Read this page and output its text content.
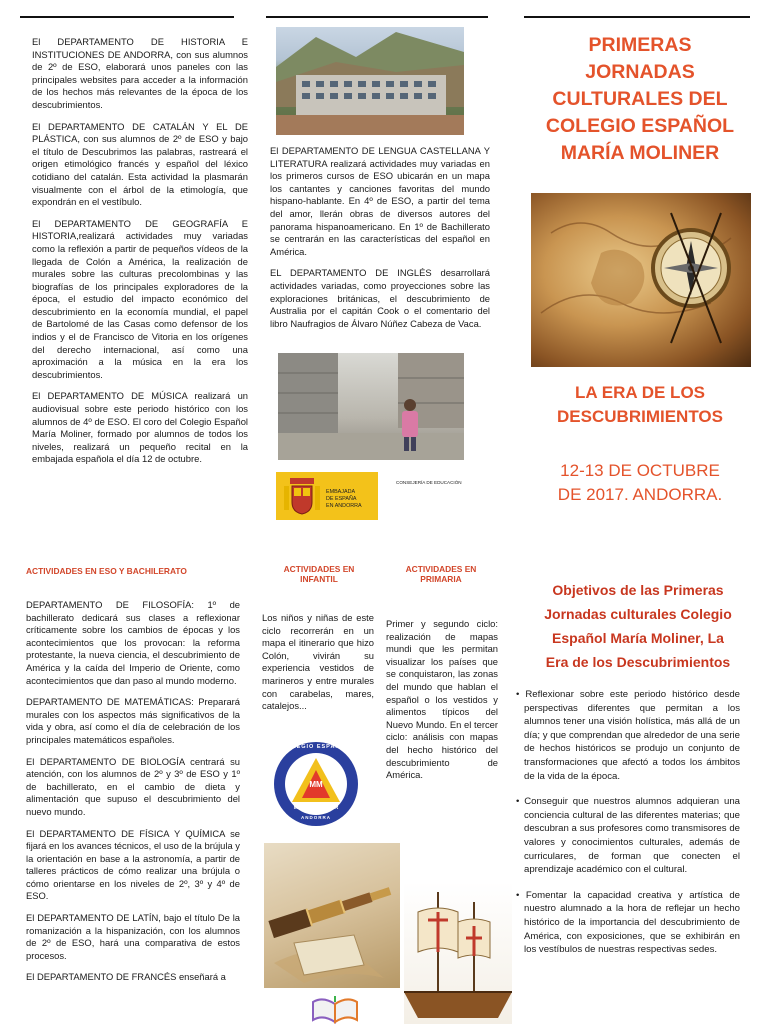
El DEPARTAMENTO DE HISTORIA E INSTITUCIONES DE ANDORRA, con sus alumnos de 2º de ESO, elaborará unos paneles con las principales websites para acceder a la información de los hechos más relevantes de la época de los descubrimientos.

El DEPARTAMENTO DE CATALÁN Y EL DE PLÁSTICA, con sus alumnos de 2º de ESO y bajo el título de Descubrimos las palabras, rastreará el origen etimológico francés y español del léxico cotidiano del catalán. Esta actividad la plasmarán visualmente con el árbol de la etimología, que expondrán en el vestíbulo.

El DEPARTAMENTO DE GEOGRAFÍA E HISTORIA,realizará actividades muy variadas como la reflexión a partir de pequeños vídeos de la llegada de Colón a América, la realización de murales sobre las culturas precolombinas y las biografías de los principales exploradores de la época, el estudio del impacto económico del descubrimiento en la economía mundial, el papel de Bartolomé de las Casas como defensor de los indios y el de Francisco de Vitoria en los orígenes del derecho internacional, así como una aproximación a la música en la era los descubrimientos.

El DEPARTAMENTO DE MÚSICA realizará un audiovisual sobre este periodo histórico con los alumnos de 4º de ESO. El coro del Colegio Español María Moliner, formado por alumnos de todos los niveles, realizará un pequeño recital en la embajada española el día 12 de octubre.

El DEPARTAMENTO DE LENGUA CASTELLANA Y LITERATURA realizará actividades muy variadas en los primeros cursos de ESO ubicarán en un mapa los cantantes y canciones favoritas del mundo hispano-hablante. En 4º de ESO, a partir del tema del amor, llerán obras de diversos autores del panorama hispanoamericano. En 1º de Bachillerato se centrarán en las características del español en América.

EL DEPARTAMENTO DE INGLÉS desarrollará actividades variadas, como proyecciones sobre las exploraciones británicas, el descubrimiento de Australia por el capitán Cook o el comentario del libro Naufragios de Álvaro Núñez Cabeza de Vaca.

EMBAJADA
DE ESPAÑA
EN ANDORRA
CONSEJERÍA DE EDUCACIÓN
PRIMERAS
JORNADAS
CULTURALES DEL
COLEGIO ESPAÑOL
MARÍA MOLINER
LA ERA DE LOS
DESCUBRIMIENTOS
12-13 DE OCTUBRE
DE 2017. ANDORRA.
ACTIVIDADES EN ESO Y BACHILERATO

DEPARTAMENTO DE FILOSOFÍA: 1º de bachillerato dedicará sus clases a reflexionar críticamente sobre los cambios de épocas y los acontecimientos que los provocan: la reforma protestante, la nueva ciencia, el descubrimiento de América y la caída del Imperio de Oriente, como acontecimientos que dan paso al mundo moderno.

DEPARTAMENTO DE MATEMÁTICAS: Preparará murales con los aspectos más significativos de la vida y obra, así como el día de celebración de los principales matemáticos españoles.

El DEPARTAMENTO DE BIOLOGÍA centrará su atención, con los alumnos de 2º y 3º de ESO y 1º de bachillerato, en el cambio de dieta y alimentación que supuso el descubrimiento del nuevo mundo.

El DEPARTAMENTO DE FÍSICA Y QUÍMICA se fijará en los avances técnicos, el uso de la brújula y la orientación en base a la astronomía, a partir de talleres prácticos de cómo realizar una brújula o cómo orientarse en los niveles de 2º, 3º y 4º de ESO.

El DEPARTAMENTO DE LATÍN, bajo el título De la romanización a la hispanización, con los alumnos de 2º de ESO, hará una comparativa de estos procesos.

El DEPARTAMENTO DE FRANCÉS enseñará a

ACTIVIDADES EN
INFANTIL

Los niños y niñas de este ciclo recorrerán en un mapa el itinerario que hizo Colón, vivirán su experiencia vestidos de marineros y entre murales con carabelas, mares, catalejos...

COLEGIO ESPAÑOL
MM
MARÍA MOLINER
ANDORRA
ACTIVIDADES EN
PRIMARIA

Primer y segundo ciclo: realización de mapas mundi que les permitan visualizar los países que se conquistaron, las zonas del mundo que hablan el español o los vestidos y alimentos típicos del Nuevo Mundo. En el tercer ciclo: análisis con mapas del hecho histórico del descubrimiento de América.

Objetivos de las Primeras
Jornadas culturales Colegio
Español María Moliner, La
Era de los Descubrimientos

• Reflexionar sobre este periodo histórico desde perspectivas diferentes que permitan a los alumnos tener una visión holística, más allá de un día; y que comprendan que alrededor de una serie de hechos históricos se produjo un conjunto de transformaciones que afectó a todos los ámbitos de la vida de la época.

• Conseguir que nuestros alumnos adquieran una conciencia cultural de las diferentes materias; que descubran a sus profesores como transmisores de valores y conocimientos culturales, además de curriculares, de forman que conecten el aprendizaje académico con el cultural.

• Fomentar la capacidad creativa y artística de nuestro alumnado a la hora de reflejar un hecho histórico de la importancia del descubrimiento de América, con exposiciones, que se exhibirán en los vestíbulos de nuestras respectivas sedes.
